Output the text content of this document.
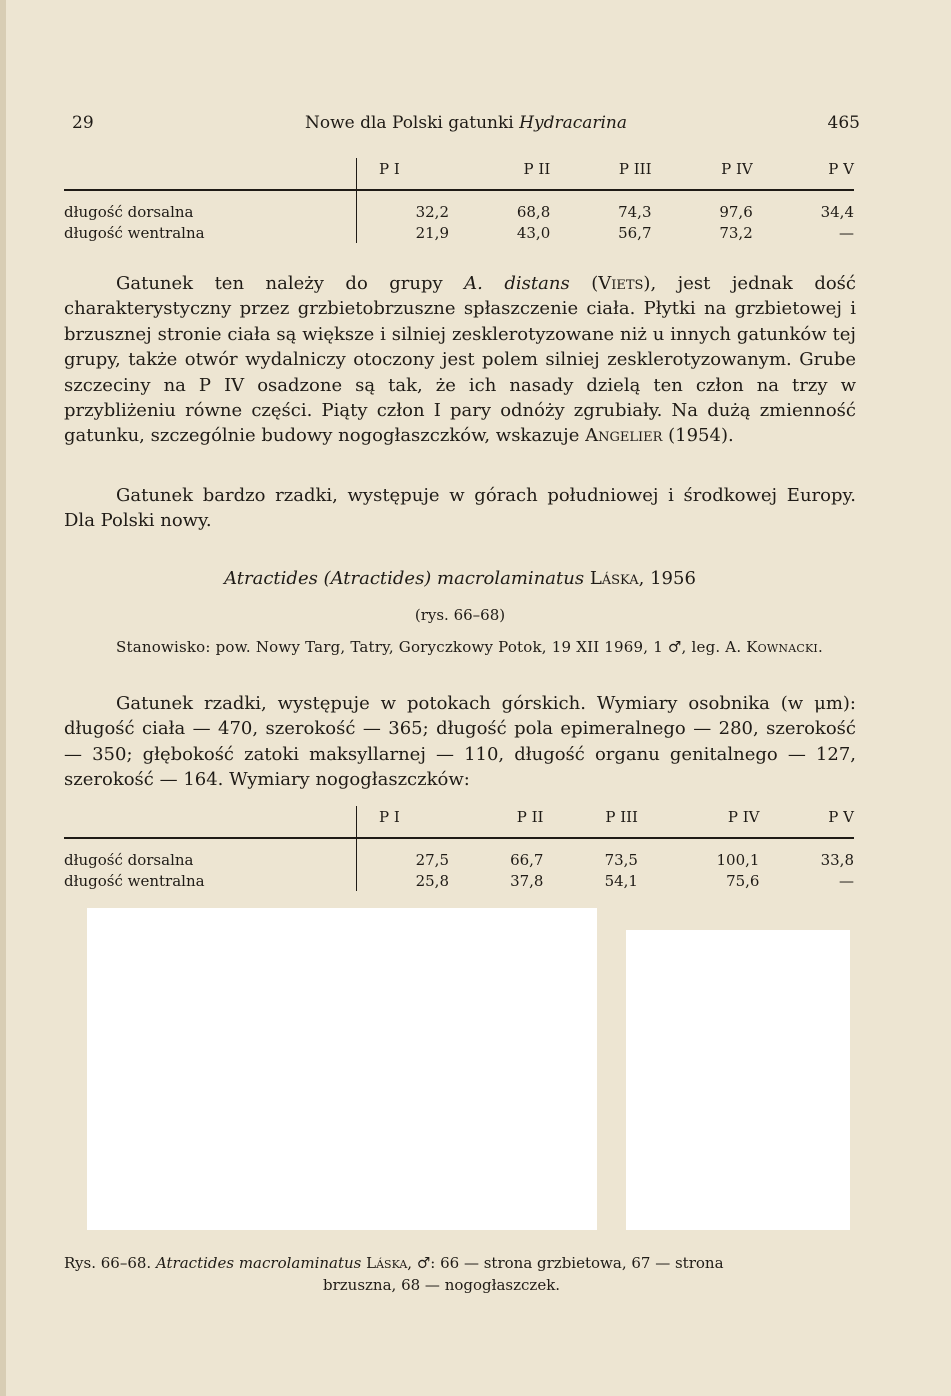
29	Nowe dla Polski gatunki Hydracarina	465
	P I	P II	P III	P IV	P V
długość dorsalna	32,2	68,8	74,3	97,6	34,4
długość wentralna	21,9	43,0	56,7	73,2	—

Gatunek ten należy do grupy A. distans (Viets), jest jednak dość charakterystyczny przez grzbietobrzuszne spłaszczenie ciała. Płytki na grzbietowej i brzusznej stronie ciała są większe i silniej zesklerotyzowane niż u innych gatunków tej grupy, także otwór wydalniczy otoczony jest polem silniej zesklerotyzowanym. Grube szczeciny na P IV osadzone są tak, że ich nasady dzielą ten człon na trzy w przybliżeniu równe części. Piąty człon I pary odnóży zgrubiały. Na dużą zmienność gatunku, szczególnie budowy nogogłaszczków, wskazuje Angelier (1954).

Gatunek bardzo rzadki, występuje w górach południowej i środkowej Europy. Dla Polski nowy.

Atractides (Atractides) macrolaminatus Láska, 1956
(rys. 66–68)

Stanowisko: pow. Nowy Targ, Tatry, Goryczkowy Potok, 19 XII 1969, 1 ♂, leg. A. Kownacki.

Gatunek rzadki, występuje w potokach górskich. Wymiary osobnika (w μm): długość ciała — 470, szerokość — 365; długość pola epimeralnego — 280, szerokość — 350; głębokość zatoki maksyllarnej — 110, długość organu genitalnego — 127, szerokość — 164. Wymiary nogogłaszczków:

	P I	P II	P III	P IV	P V
długość dorsalna	27,5	66,7	73,5	100,1	33,8
długość wentralna	25,8	37,8	54,1	75,6	—

Rys. 66–68. Atractides macrolaminatus Láska, ♂: 66 — strona grzbietowa, 67 — strona
brzuszna, 68 — nogogłaszczek.
